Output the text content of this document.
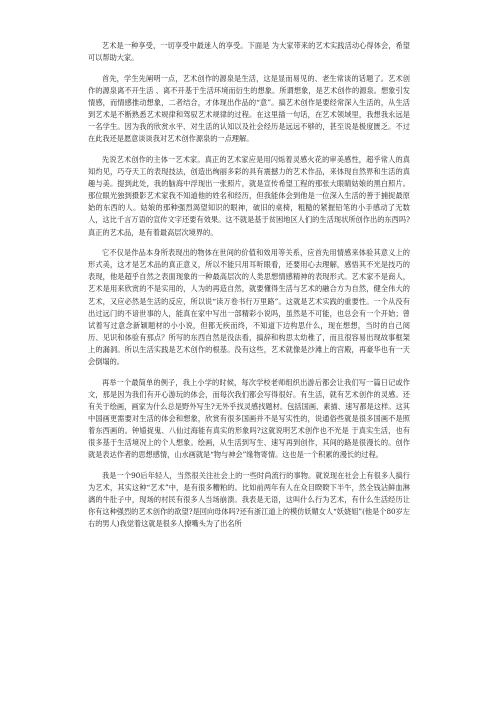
艺术是一种享受，一切享受中最迷人的享受。下面是 为大家带来的艺术实践活动心得体会，希望可以帮助大家。

首先，学生先阐明一点，艺术创作的源泉是生活，这是显而易见的、老生常谈的话题了。艺术创作的源泉离不开生活 、离不开基于生活环境而衍生的想象。所谓想象，是艺术创作的源泉。想象引发情感，而情感推动想象，二者结合，才体现出作品的“意”。搞艺术创作是要经常深入生活的，从生活到艺术是不断熟悉艺术规律和驾驭艺术规律的过程。在这里插一句话，在艺术领域里，我想我永远是一名学生。因为我的欣赏水平、对生活的认知以及社会经历是远远不够的，甚至说是极度匮乏。不过在此我还是愿意谈谈我对艺术创作源泉的一点理解。

先说艺术创作的主体一艺术家。真正的艺术家应是用闪烁着灵感火花的审美感性，超乎常人的真知灼见，巧夺天工的表现技法，创造出绚丽多彩的具有震撼力的艺术作品，来体现自然界和生活的真趣与美。提到此处，我的脑海中浮现出一张照片，就是宣传希望工程的那张大眼睛姑娘的黑白照片。那位眼光独到摄影艺术家我不知道他的姓名和经历，但我能体会到他是一位深入生活的善于捕捉最原始的东西的人。姑娘的那种强烈渴望知识的眼神，破旧的桌椅，粗糙的紧握铅笔的小手感动了无数人，这比千言万语的宣传文字还要有效果。这不就是基于贫困地区人们的生活现状所创作出的东西吗?真正的艺术品，是有着最高层次境界的。

它不仅是作品本身所表现出的物体在世间的价值和效用等关系，应首先用情感来体验其意义上的形式美，这才是艺术品的真正意义，所以不能只用耳听眼看，还要用心去理解，感悟其不光是技巧的表现，他是超乎自然之表面现象的一种最高层次的人类思想情感精神的表现形式。艺术家不是商人，艺术是用来欣赏的不是实用的，人为的再造自然，就要懂得生活与艺术的融合方为自然，健全伟大的艺术，又应必然是生活的反应，所以说“读万卷书行万里路”。这就是艺术实践的重要性。一个从没有出过远门的不谙世事的人，能真在家中写出一部精彩小说吗，虽然是不可能，也总会有一个开始；曾试着写过意念新颖题材的小小说，但都无疾而终，不知道下边构思什么，现在想想，当时的自己阅历、见识和体验有那点？所写的东西自然是没法看，搞辞和构思太幼稚了，而且很容易出现故事框架上的漏洞。所以生活实践是艺术创作的根基。没有这些，艺术就像是沙滩上的宫殿，再豪华也有一天会倒塌的。

再举一个最简单的例子，我上小学的时候，每次学校老师组织出游后都会让我们写一篇日记或作文，那是因为我们有开心游玩的体会，而每次我们都会写得很好。有生活，就有艺术创作的灵感。还有关于绘画，画家为什么总是野外写生?无外乎找灵感找题材。包括国画、素描、速写都是这样。这其中国画更需要对生活的体会和想象，欣赏有很多国画并不是写实性的，说通俗些就是很多国画不是照着东西画的。钟馗捉鬼、八仙过海能有真实的形象吗?这就说明艺术创作也不光是 于真实生活，也有很多基于生活境况上的个人想象。绘画，从生活到写生、速写再到创作，其间的路是很漫长的。创作就是表达作者的思想感情，山水画就是“物与神会”缘物寄情。这也是一个积累的漫长的过程。

我是一个90后年轻人，当然很关注社会上的一些时尚流行的事物。就说现在社会上有很多人搞行为艺术，其实这种“艺术”中，是有很多糟粕的。比如前两年有人在众目睽睽下半牛，然全钱沾鲜血淋漓的牛肚子中，现场的村民有很多人当场崩溃。我表是无语，这叫什么行为艺术，有什么生活经历让你有这种强烈的艺术创作的欲望?是回向母体吗?还有浙江道上的模仿妖媚女人“妖娆姐”(他是个80岁左右的男人)我觉着这就是很多人撩嘴头为了出名所
